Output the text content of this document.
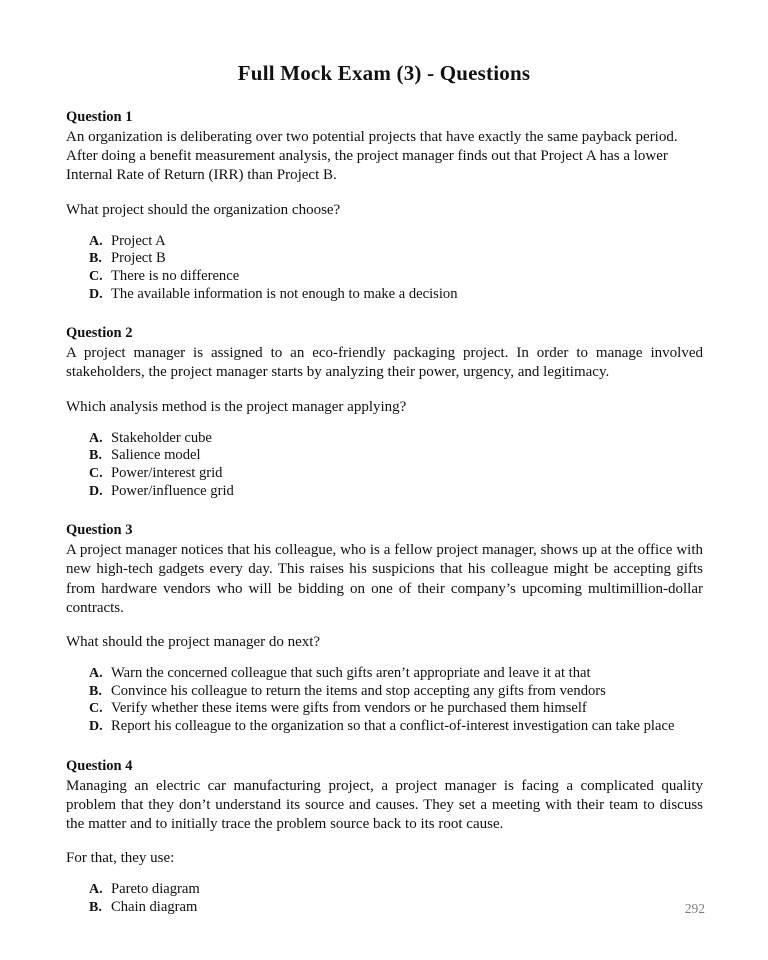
Full Mock Exam (3) - Questions
Question 1

An organization is deliberating over two potential projects that have exactly the same payback period. After doing a benefit measurement analysis, the project manager finds out that Project A has a lower Internal Rate of Return (IRR) than Project B.

What project should the organization choose?

A. Project A
B. Project B
C. There is no difference
D. The available information is not enough to make a decision
Question 2

A project manager is assigned to an eco-friendly packaging project. In order to manage involved stakeholders, the project manager starts by analyzing their power, urgency, and legitimacy.

Which analysis method is the project manager applying?

A. Stakeholder cube
B. Salience model
C. Power/interest grid
D. Power/influence grid
Question 3

A project manager notices that his colleague, who is a fellow project manager, shows up at the office with new high-tech gadgets every day. This raises his suspicions that his colleague might be accepting gifts from hardware vendors who will be bidding on one of their company’s upcoming multimillion-dollar contracts.

What should the project manager do next?

A. Warn the concerned colleague that such gifts aren’t appropriate and leave it at that
B. Convince his colleague to return the items and stop accepting any gifts from vendors
C. Verify whether these items were gifts from vendors or he purchased them himself
D. Report his colleague to the organization so that a conflict-of-interest investigation can take place
Question 4

Managing an electric car manufacturing project, a project manager is facing a complicated quality problem that they don’t understand its source and causes. They set a meeting with their team to discuss the matter and to initially trace the problem source back to its root cause.

For that, they use:

A. Pareto diagram
B. Chain diagram	292
